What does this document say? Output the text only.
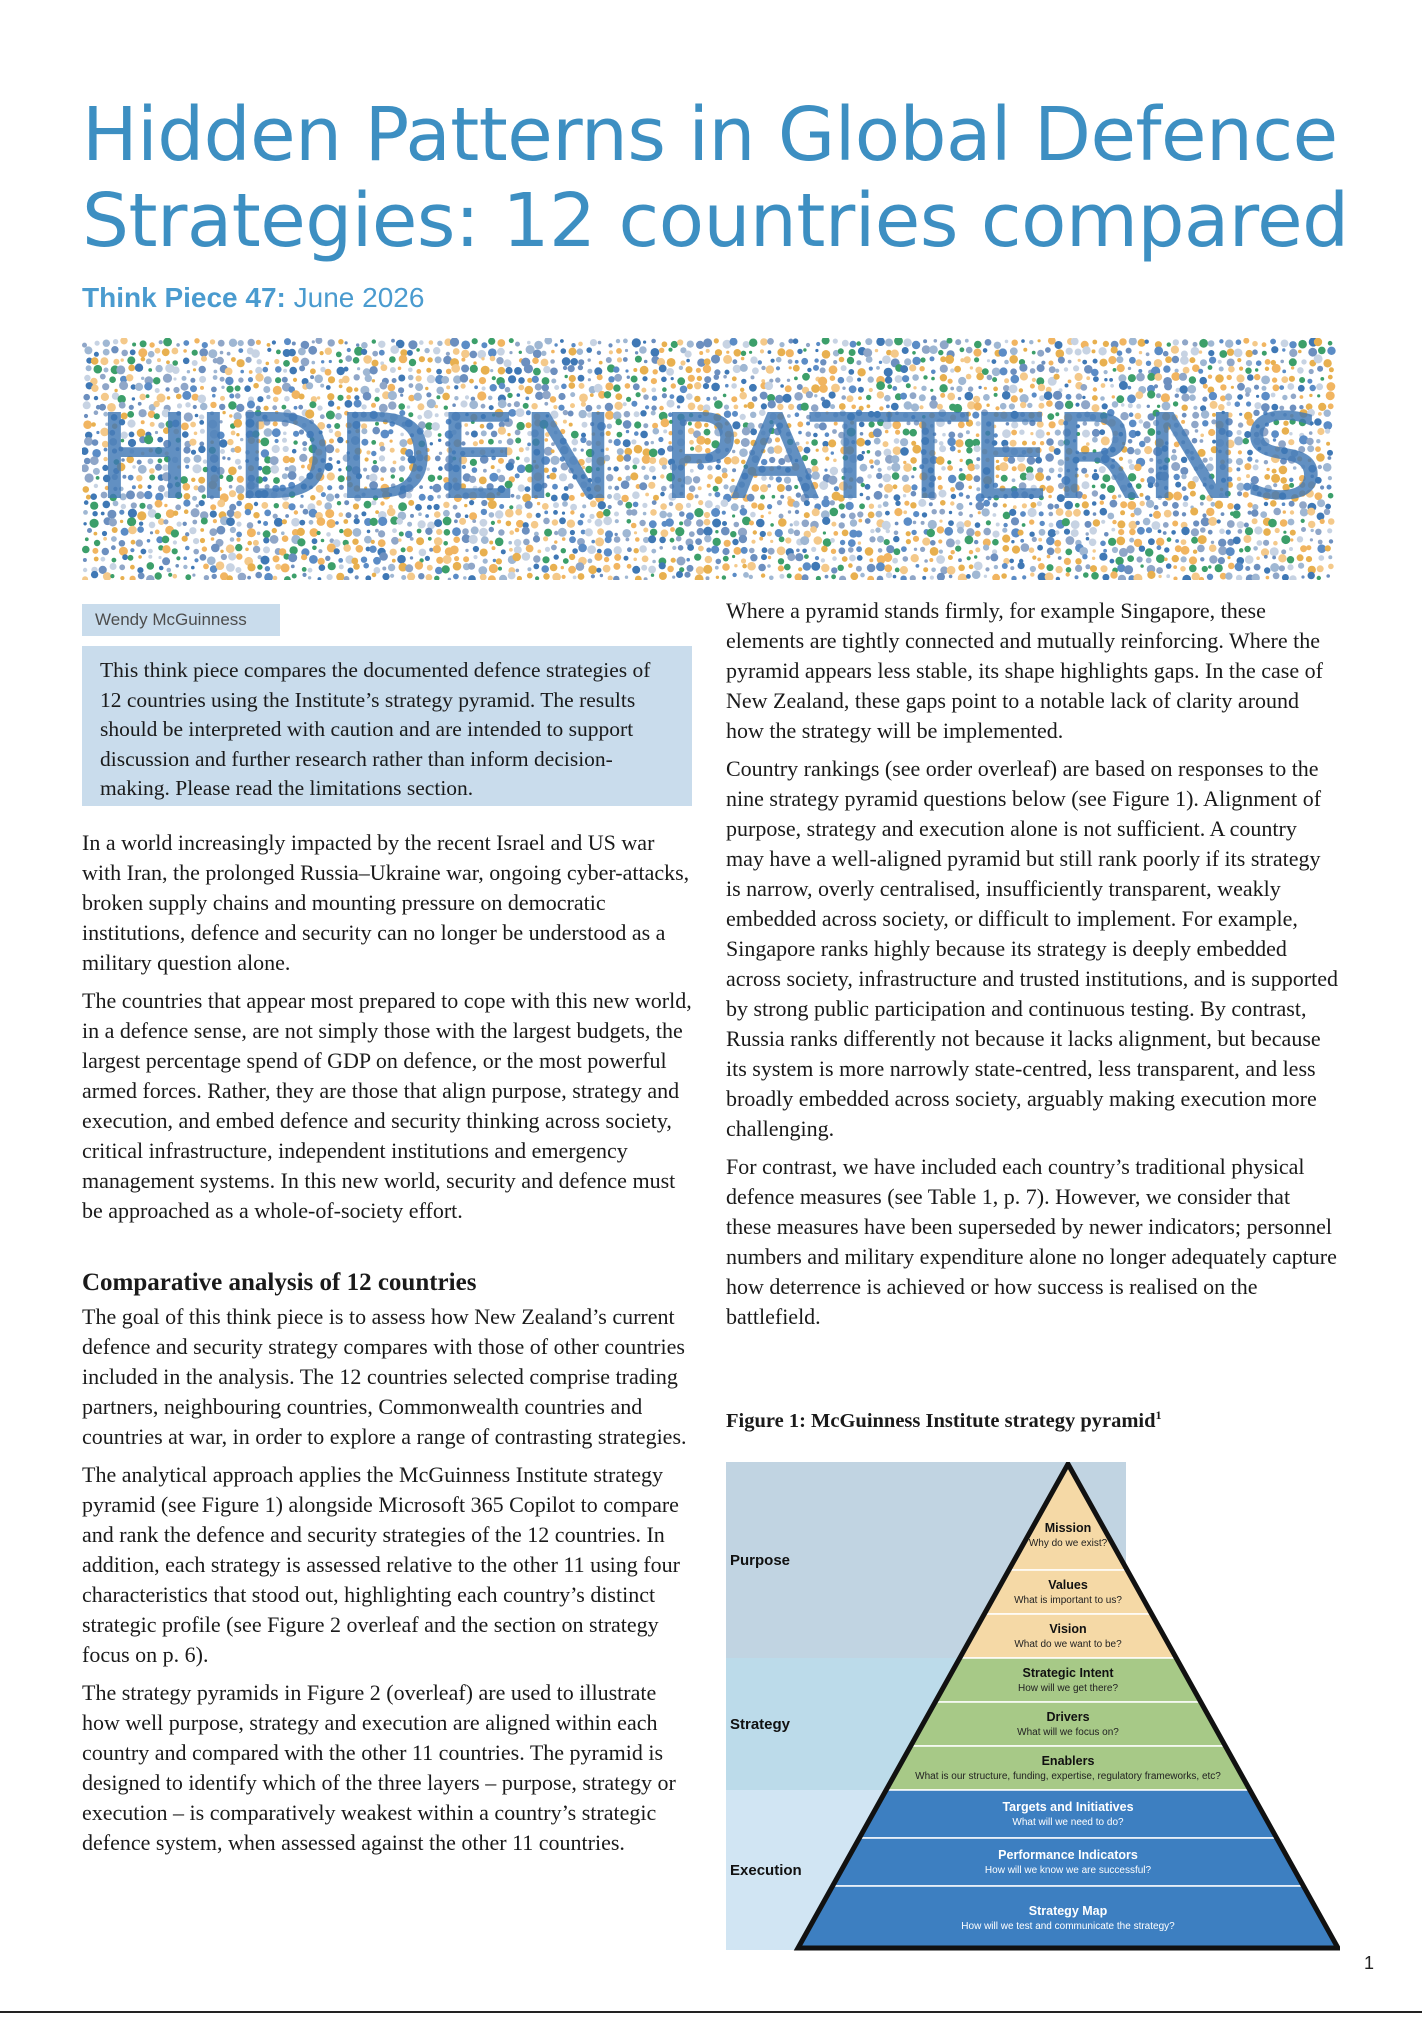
Hidden Patterns in Global Defence Strategies: 12 countries compared
Think Piece 47: June 2026
HIDDEN PATTERNS
Wendy McGuinness
This think piece compares the documented defence strategies of 12 countries using the Institute’s strategy pyramid. The results should be interpreted with caution and are intended to support discussion and further research rather than inform decision-making. Please read the limitations section.

In a world increasingly impacted by the recent Israel and US war with Iran, the prolonged Russia–Ukraine war, ongoing cyber-attacks, broken supply chains and mounting pressure on democratic institutions, defence and security can no longer be understood as a military question alone.

The countries that appear most prepared to cope with this new world, in a defence sense, are not simply those with the largest budgets, the largest percentage spend of GDP on defence, or the most powerful armed forces. Rather, they are those that align purpose, strategy and execution, and embed defence and security thinking across society, critical infrastructure, independent institutions and emergency management systems. In this new world, security and defence must be approached as a whole-of-society effort.

Comparative analysis of 12 countries

The goal of this think piece is to assess how New Zealand’s current defence and security strategy compares with those of other countries included in the analysis. The 12 countries selected comprise trading partners, neighbouring countries, Commonwealth countries and countries at war, in order to explore a range of contrasting strategies.

The analytical approach applies the McGuinness Institute strategy pyramid (see Figure 1) alongside Microsoft 365 Copilot to compare and rank the defence and security strategies of the 12 countries. In addition, each strategy is assessed relative to the other 11 using four characteristics that stood out, highlighting each country’s distinct strategic profile (see Figure 2 overleaf and the section on strategy focus on p. 6).

The strategy pyramids in Figure 2 (overleaf) are used to illustrate how well purpose, strategy and execution are aligned within each country and compared with the other 11 countries. The pyramid is designed to identify which of the three layers – purpose, strategy or execution – is comparatively weakest within a country’s strategic defence system, when assessed against the other 11 countries.

Where a pyramid stands firmly, for example Singapore, these elements are tightly connected and mutually reinforcing. Where the pyramid appears less stable, its shape highlights gaps. In the case of New Zealand, these gaps point to a notable lack of clarity around how the strategy will be implemented.

Country rankings (see order overleaf) are based on responses to the nine strategy pyramid questions below (see Figure 1). Alignment of purpose, strategy and execution alone is not sufficient. A country may have a well-aligned pyramid but still rank poorly if its strategy is narrow, overly centralised, insufficiently transparent, weakly embedded across society, or difficult to implement. For example, Singapore ranks highly because its strategy is deeply embedded across society, infrastructure and trusted institutions, and is supported by strong public participation and continuous testing. By contrast, Russia ranks differently not because it lacks alignment, but because its system is more narrowly state-centred, less transparent, and less broadly embedded across society, arguably making execution more challenging.

For contrast, we have included each country’s traditional physical defence measures (see Table 1, p. 7). However, we consider that these measures have been superseded by newer indicators; personnel numbers and military expenditure alone no longer adequately capture how deterrence is achieved or how success is realised on the battlefield.

Figure 1: McGuinness Institute strategy pyramid$^1$
Mission
Why do we exist?
Values
What is important to us?
Vision
What do we want to be?
Strategic Intent
How will we get there?
Drivers
What will we focus on?
Enablers
What is our structure, funding, expertise, regulatory frameworks, etc?
Targets and Initiatives
What will we need to do?
Performance Indicators
How will we know we are successful?
Strategy Map
How will we test and communicate the strategy?
Purpose
Strategy
Execution
1
